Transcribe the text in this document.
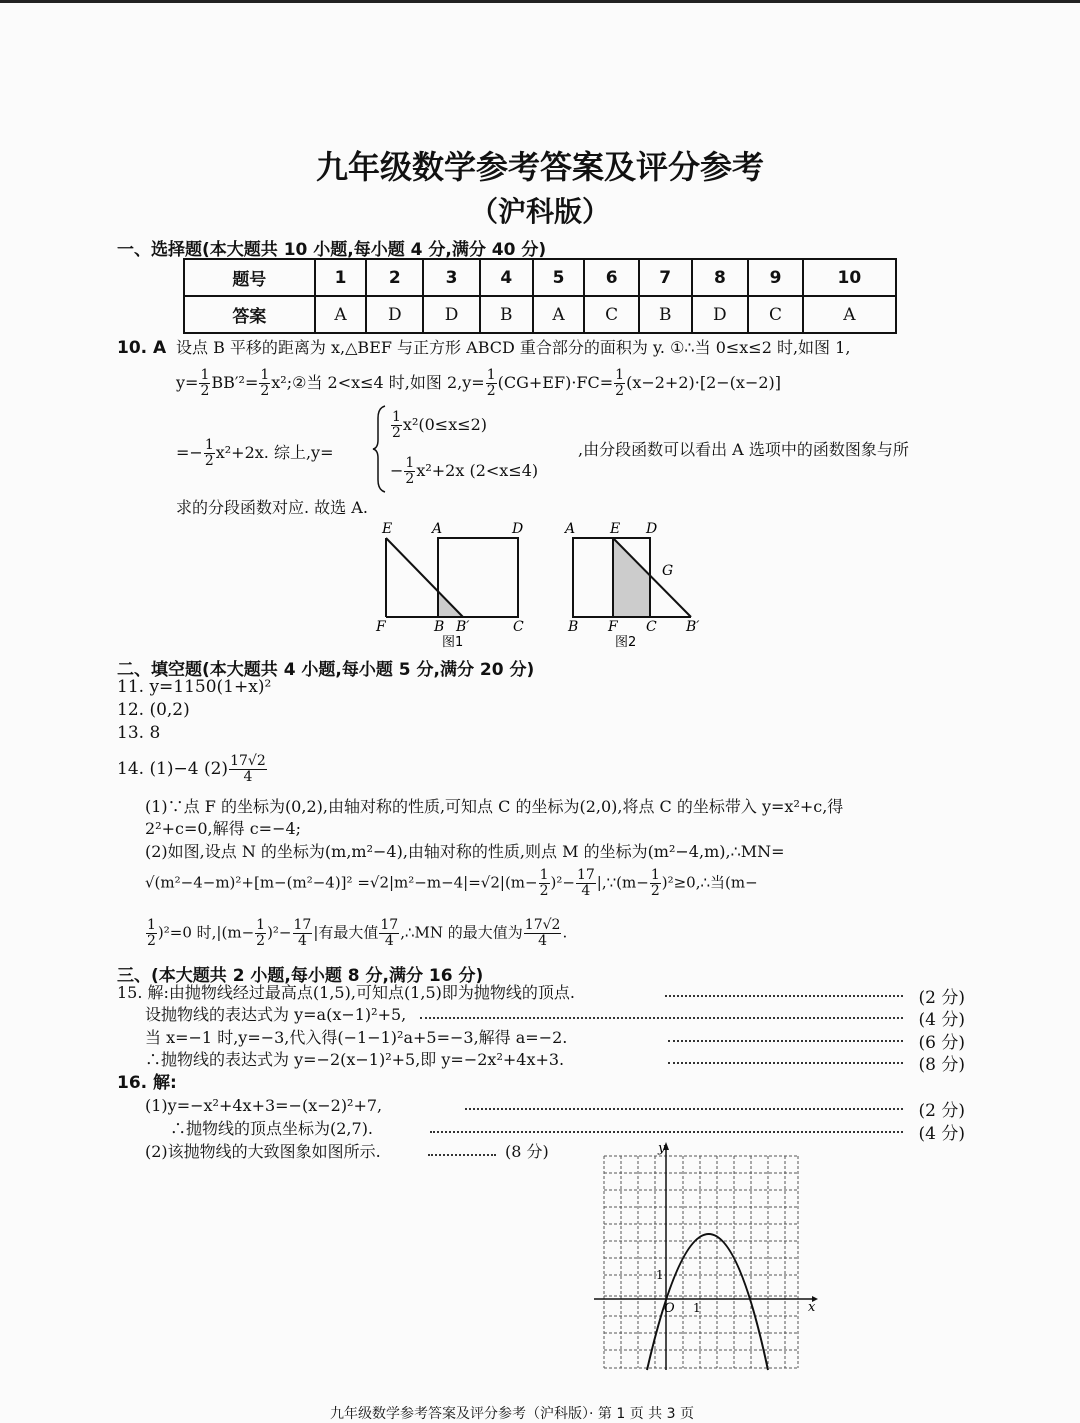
九年级数学参考答案及评分参考
（沪科版）
一、选择题(本大题共 10 小题,每小题 4 分,满分 40 分)
题号	1	2	3	4	5	6	7	8	9	10
答案	A	D	D	B	A	C	B	D	C	A
10. A 设点 B 平移的距离为 x,△BEF 与正方形 ABCD 重合部分的面积为 y. ①∴当 0≤x≤2 时,如图 1,
$y= \frac{1}{2} BB'^2= \frac{1}{2}$ x²;②当 2<x≤4 时,如图 $2,y= \frac{1}{2} (CG+EF)\cdot FC= \frac{1}{2} (x-2+2)\cdot[2-(x-2)]$
=− $\frac{1}{2} x^2+2x$. 综上,y=
$\frac{1}{2} x^2(0\le x\le 2)$
− $\frac{1}{2} x^2+2x$ (2<x≤4)
,由分段函数可以看出 A 选项中的函数图象与所
求的分段函数对应. 故选 A.
E	A	D
F	B B′	C
图1
A E D
G
B F C B′
图2
二、填空题(本大题共 4 小题,每小题 5 分,满分 20 分)
11. y=1150(1+x)²
12. (0,2)
13. 8
14. (1)−4 $(2) \frac{17√2}{4}$
(1)∵点 F 的坐标为(0,2),由轴对称的性质,可知点 C 的坐标为(2,0),将点 C 的坐标带入 y=x²+c,得
2²+c=0,解得 c=−4;
(2)如图,设点 N 的坐标为(m,m²−4),由轴对称的性质,则点 M 的坐标为(m²−4,m),∴MN=
$√(m^2-4-m)^2+[m-(m^2-4)]^2 =√2|m^2-m-4|=√2|(m- \frac{1}{2} )^2- \frac{17}{4}$ |,∵(m− $\frac{1}{2}$ )²≥0,∴当(m−
$\frac{1}{2} )^2=0$ 时$,|(m- \frac{1}{2} )^2- \frac{17}{4}$ |有最大值 $\frac{17}{4}$ ,∴MN 的最大值为 $\frac{17√2}{4}$ .
三、(本大题共 2 小题,每小题 8 分,满分 16 分)
15. 解:由抛物线经过最高点(1,5),可知点(1,5)即为抛物线的顶点.	(2 分)
设抛物线的表达式为 y=a(x−1)²+5,	(4 分)
当 x=−1 时,y=−3,代入得(−1−1)²a+5=−3,解得 a=−2.	(6 分)
∴抛物线的表达式为 y=−2(x−1)²+5,即 y=−2x²+4x+3.	(8 分)
16. 解:
(1)y=−x²+4x+3=−(x−2)²+7,	(2 分)
∴抛物线的顶点坐标为(2,7).	(4 分)
(2)该抛物线的大致图象如图所示.	(8 分)	y
x
O 1
1
九年级数学参考答案及评分参考（沪科版）· 第 1 页 共 3 页
